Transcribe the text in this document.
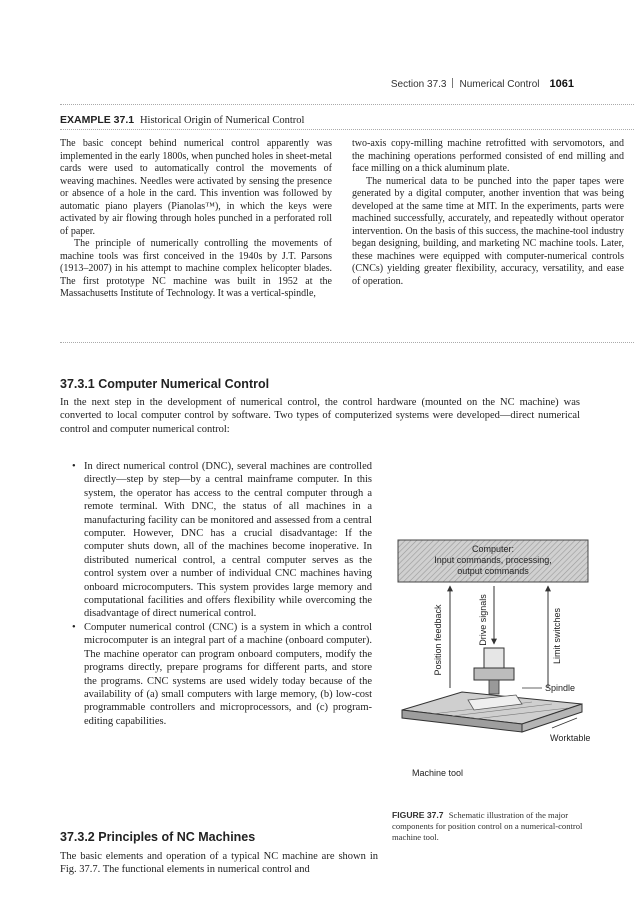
Section 37.3 Numerical Control 1061
EXAMPLE 37.1 Historical Origin of Numerical Control

The basic concept behind numerical control apparently was implemented in the early 1800s, when punched holes in sheet-metal cards were used to automatically control the movements of weaving machines. Needles were activated by sensing the presence or absence of a hole in the card. This invention was followed by automatic piano players (Pianolas™), in which the keys were activated by air flowing through holes punched in a perforated roll of paper.

The principle of numerically controlling the movements of machine tools was first conceived in the 1940s by J.T. Parsons (1913–2007) in his attempt to machine complex helicopter blades. The first prototype NC machine was built in 1952 at the Massachusetts Institute of Technology. It was a vertical-spindle,

two-axis copy-milling machine retrofitted with servomotors, and the machining operations performed consisted of end milling and face milling on a thick aluminum plate.

The numerical data to be punched into the paper tapes were generated by a digital computer, another invention that was being developed at the same time at MIT. In the experiments, parts were machined successfully, accurately, and repeatedly without operator intervention. On the basis of this success, the machine-tool industry began designing, building, and marketing NC machine tools. Later, these machines were equipped with computer-numerical controls (CNCs) yielding greater flexibility, accuracy, versatility, and ease of operation.

37.3.1 Computer Numerical Control

In the next step in the development of numerical control, the control hardware (mounted on the NC machine) was converted to local computer control by software. Two types of computerized systems were developed—direct numerical control and computer numerical control:

• In direct numerical control (DNC), several machines are controlled directly—step by step—by a central mainframe computer. In this system, the operator has access to the central computer through a remote terminal. With DNC, the status of all machines in a manufacturing facility can be monitored and assessed from a central computer. However, DNC has a crucial disadvantage: If the computer shuts down, all of the machines become inoperative. In distributed numerical control, a central computer serves as the control system over a number of individual CNC machines having onboard microcomputers. This system provides large memory and computational facilities and offers flexibility while overcoming the disadvantage of direct numerical control.
• Computer numerical control (CNC) is a system in which a control microcomputer is an integral part of a machine (onboard computer). The machine operator can program onboard computers, modify the programs directly, prepare programs for different parts, and store the programs. CNC systems are used widely today because of the availability of (a) small computers with large memory, (b) low-cost programmable controllers and microprocessors, and (c) program-editing capabilities.
37.3.2 Principles of NC Machines

The basic elements and operation of a typical NC machine are shown in Fig. 37.7. The functional elements in numerical control and

Computer:
Input commands, processing,
output commands
Position feedback	Drive signals	Limit switches
Spindle
Worktable
Machine tool
FIGURE 37.7 Schematic illustration of the major components for position control on a numerical-control machine tool.
